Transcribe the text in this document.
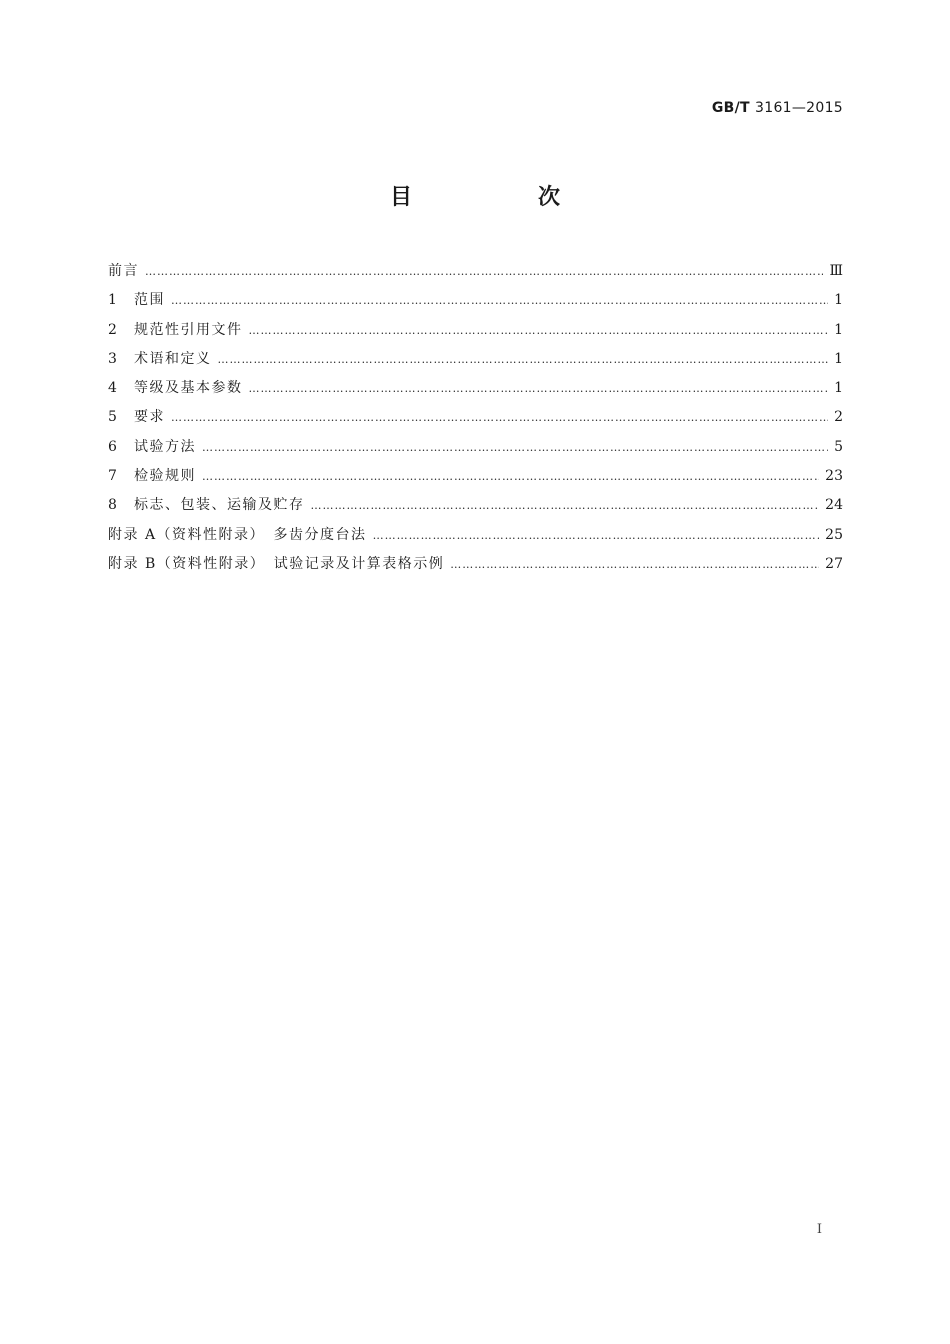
GB/T 3161—2015
目　次
前言 ……………………………………………………………………………………………………………………………………………………………………………………………	Ⅲ
1	范围 ……………………………………………………………………………………………………………………………………………………………………………………………	1
2	规范性引用文件 ……………………………………………………………………………………………………………………………………………………………………………………………	1
3	术语和定义 ……………………………………………………………………………………………………………………………………………………………………………………………	1
4	等级及基本参数 ……………………………………………………………………………………………………………………………………………………………………………………………	1
5	要求 ……………………………………………………………………………………………………………………………………………………………………………………………	2
6	试验方法 ……………………………………………………………………………………………………………………………………………………………………………………………	5
7	检验规则 ……………………………………………………………………………………………………………………………………………………………………………………………	23
8	标志、包装、运输及贮存 ……………………………………………………………………………………………………………………………………………………………………………………………	24
附录 A（资料性附录）　多齿分度台法 ……………………………………………………………………………………………………………………………………………………………………………………………	25
附录 B（资料性附录）　试验记录及计算表格示例 ……………………………………………………………………………………………………………………………………………………………………………………………	27
I
